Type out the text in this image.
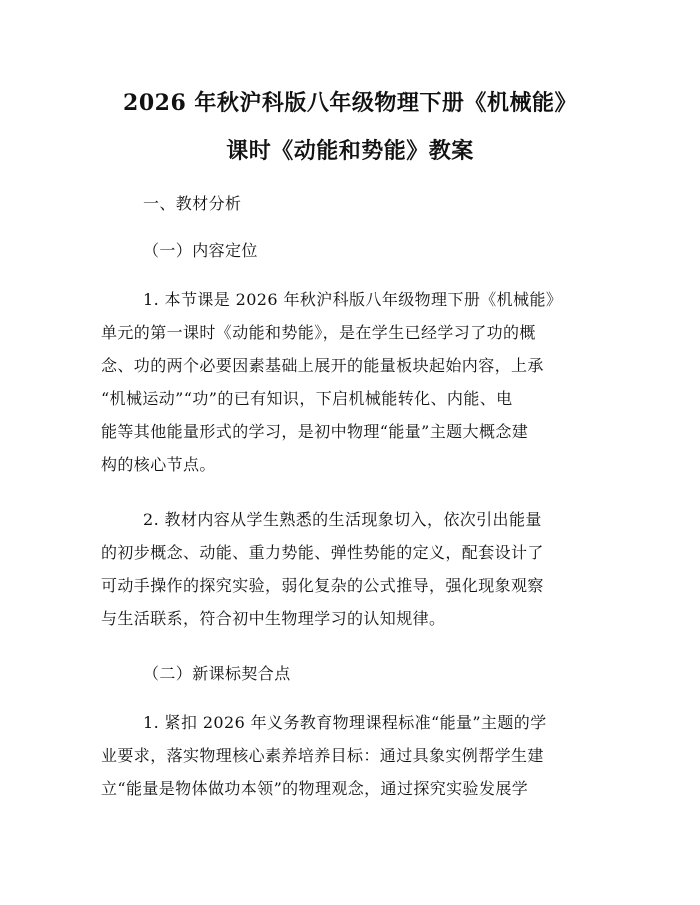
2026 年秋沪科版八年级物理下册《机械能》
课时《动能和势能》教案
一、教材分析
（一）内容定位
1. 本节课是 2026 年秋沪科版八年级物理下册《机械能》
单元的第一课时《动能和势能》，是在学生已经学习了功的概
念、功的两个必要因素基础上展开的能量板块起始内容，上承
“机械运动”“功”的已有知识，下启机械能转化、内能、电
能等其他能量形式的学习，是初中物理“能量”主题大概念建
构的核心节点。
2. 教材内容从学生熟悉的生活现象切入，依次引出能量
的初步概念、动能、重力势能、弹性势能的定义，配套设计了
可动手操作的探究实验，弱化复杂的公式推导，强化现象观察
与生活联系，符合初中生物理学习的认知规律。
（二）新课标契合点
1. 紧扣 2026 年义务教育物理课程标准“能量”主题的学
业要求，落实物理核心素养培养目标：通过具象实例帮学生建
立“能量是物体做功本领”的物理观念，通过探究实验发展学
